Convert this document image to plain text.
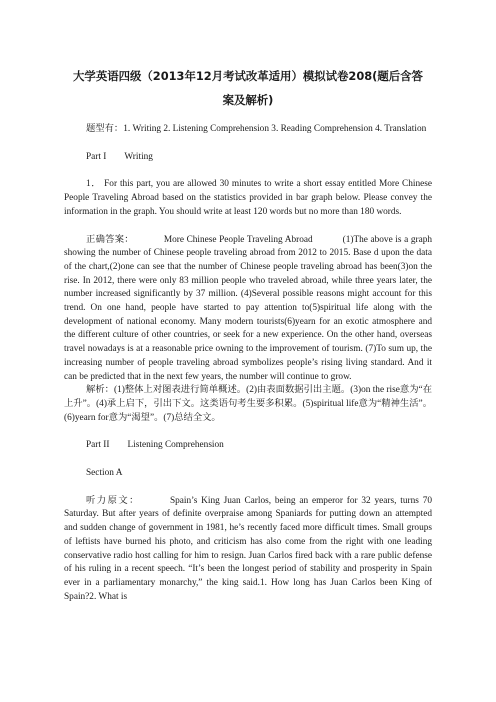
大学英语四级（2013年12月考试改革适用）模拟试卷208(题后含答
案及解析)

题型有：1. Writing 2. Listening Comprehension 3. Reading Comprehension 4. Translation

Part I Writing

1． For this part, you are allowed 30 minutes to write a short essay entitled More Chinese People Traveling Abroad based on the statistics provided in bar graph below. Please convey the information in the graph. You should write at least 120 words but no more than 180 words.

正确答案：	More Chinese People Traveling Abroad	(1)The above is a graph showing the number of Chinese people traveling abroad from 2012 to 2015. Base d upon the data of the chart,(2)one can see that the number of Chinese people traveling abroad has been(3)on the rise. In 2012, there were only 83 million people who traveled abroad, while three years later, the number increased significantly by 37 million. (4)Several possible reasons might account for this trend. On one hand, people have started to pay attention to(5)spiritual life along with the development of national economy. Many modern tourists(6)yearn for an exotic atmosphere and the different culture of other countries, or seek for a new experience. On the other hand, overseas travel nowadays is at a reasonable price owning to the improvement of tourism. (7)To sum up, the increasing number of people traveling abroad symbolizes people’s rising living standard. And it can be predicted that in the next few years, the number will continue to grow.

解析：(1)整体上对图表进行简单概述。(2)由表面数据引出主题。(3)on the rise意为“在上升”。(4)承上启下，引出下文。这类语句考生要多积累。(5)spiritual life意为“精神生活”。(6)yearn for意为“渴望”。(7)总结全文。

Part II Listening Comprehension

Section A

听力原文：	Spain’s King Juan Carlos, being an emperor for 32 years, turns 70 Saturday. But after years of definite overpraise among Spaniards for putting down an attempted and sudden change of government in 1981, he’s recently faced more difficult times. Small groups of leftists have burned his photo, and criticism has also come from the right with one leading conservative radio host calling for him to resign. Juan Carlos fired back with a rare public defense of his ruling in a recent speech. “It’s been the longest period of stability and prosperity in Spain ever in a parliamentary monarchy,” the king said.1. How long has Juan Carlos been King of Spain?2. What is
